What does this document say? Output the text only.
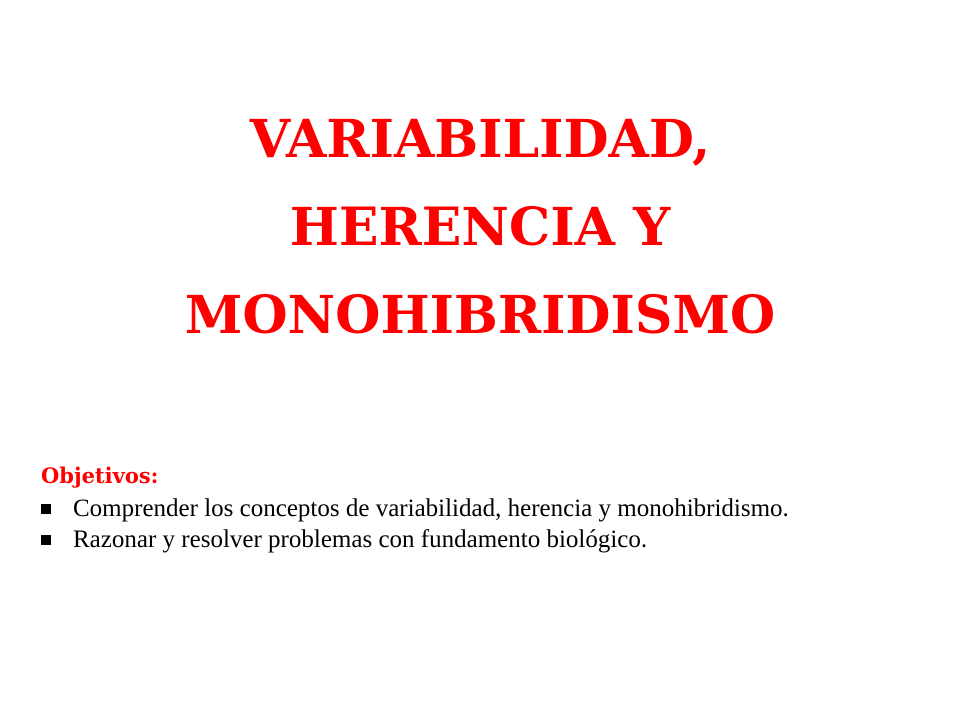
VARIABILIDAD,
HERENCIA Y
MONOHIBRIDISMO

Objetivos:

Comprender los conceptos de variabilidad, herencia y monohibridismo.
Razonar y resolver problemas con fundamento biológico.
